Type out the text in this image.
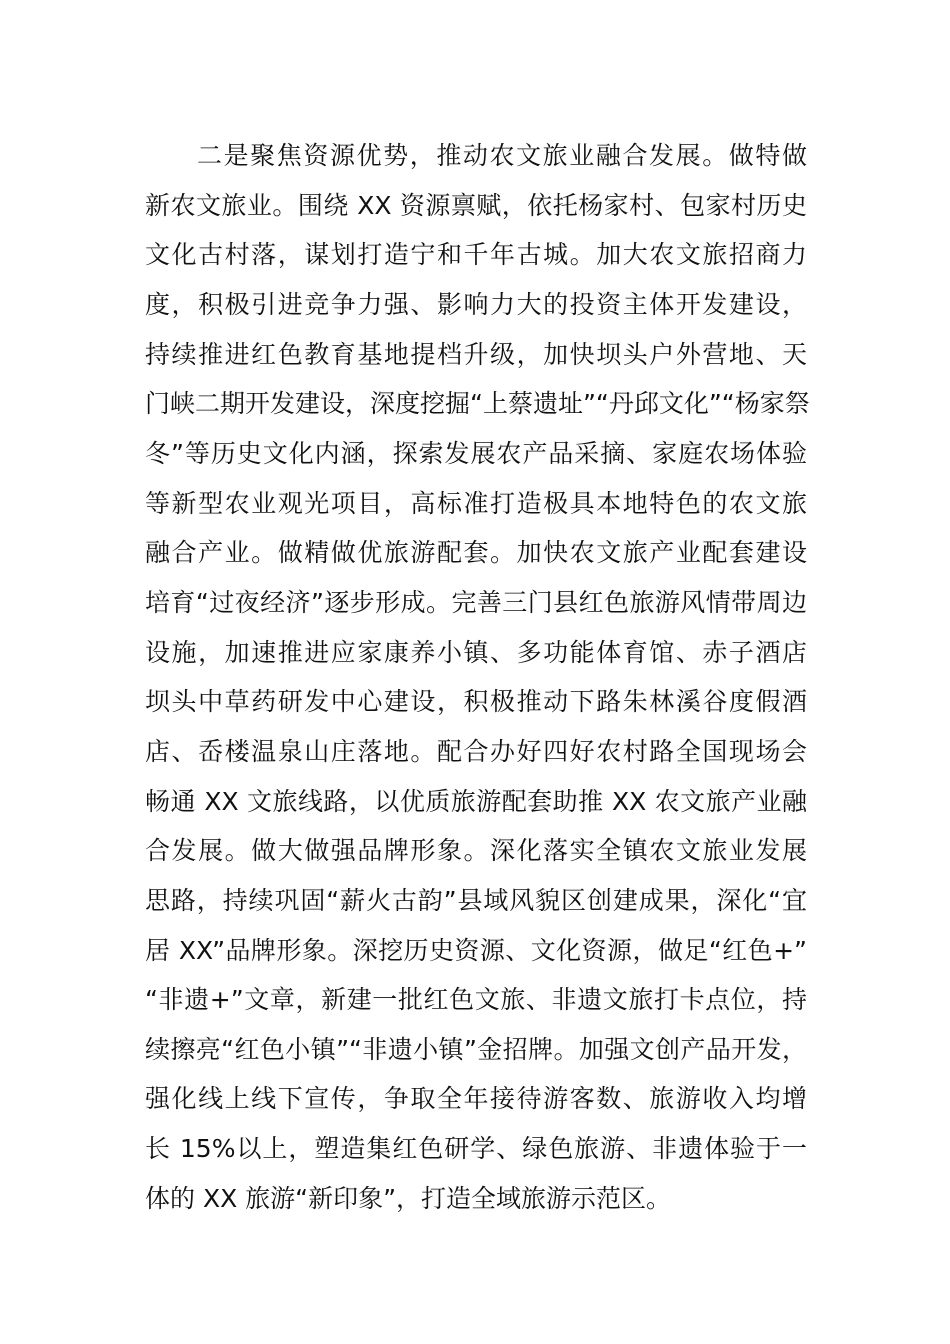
二是聚焦资源优势，推动农文旅业融合发展。做特做
新农文旅业。围绕 XX 资源禀赋，依托杨家村、包家村历史
文化古村落，谋划打造宁和千年古城。加大农文旅招商力
度，积极引进竞争力强、影响力大的投资主体开发建设，
持续推进红色教育基地提档升级，加快坝头户外营地、天
门峡二期开发建设，深度挖掘“上蔡遗址”“丹邱文化”“杨家祭
冬”等历史文化内涵，探索发展农产品采摘、家庭农场体验
等新型农业观光项目，高标准打造极具本地特色的农文旅
融合产业。做精做优旅游配套。加快农文旅产业配套建设
培育“过夜经济”逐步形成。完善三门县红色旅游风情带周边
设施，加速推进应家康养小镇、多功能体育馆、赤子酒店
坝头中草药研发中心建设，积极推动下路朱林溪谷度假酒
店、岙楼温泉山庄落地。配合办好四好农村路全国现场会
畅通 XX 文旅线路，以优质旅游配套助推 XX 农文旅产业融
合发展。做大做强品牌形象。深化落实全镇农文旅业发展
思路，持续巩固“薪火古韵”县域风貌区创建成果，深化“宜
居 XX”品牌形象。深挖历史资源、文化资源，做足“红色+”
“非遗+”文章，新建一批红色文旅、非遗文旅打卡点位，持
续擦亮“红色小镇”“非遗小镇”金招牌。加强文创产品开发，
强化线上线下宣传，争取全年接待游客数、旅游收入均增
长 15%以上，塑造集红色研学、绿色旅游、非遗体验于一
体的 XX 旅游“新印象”，打造全域旅游示范区。
